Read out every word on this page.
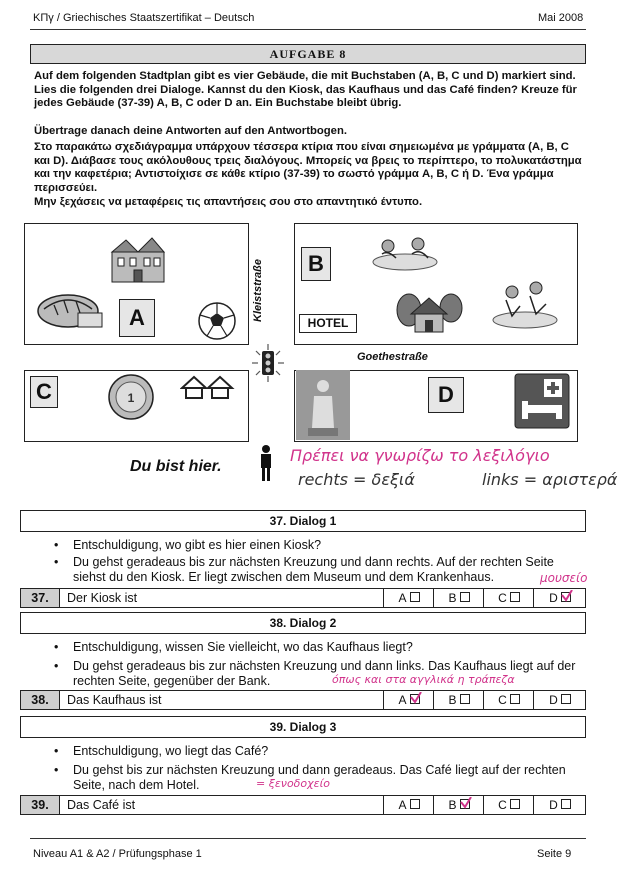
ΚΠγ / Griechisches Staatszertifikat – Deutsch	Mai 2008
AUFGABE 8
Auf dem folgenden Stadtplan gibt es vier Gebäude, die mit Buchstaben (A, B, C und D) markiert sind. Lies die folgenden drei Dialoge. Kannst du den Kiosk, das Kaufhaus und das Café finden? Kreuze für jedes Gebäude (37-39) A, B, C oder D an. Ein Buchstabe bleibt übrig.
Übertrage danach deine Antworten auf den Antwortbogen.
Στο παρακάτω σχεδιάγραμμα υπάρχουν τέσσερα κτίρια που είναι σημειωμένα με γράμματα (A, B, C και D). Διάβασε τους ακόλουθους τρεις διαλόγους. Μπορείς να βρεις το περίπτερο, το πολυκατάστημα και την καφετέρια; Αντιστοίχισε σε κάθε κτίριο (37-39) το σωστό γράμμα A, B, C ή D. Ένα γράμμα περισσεύει.
Μην ξεχάσεις να μεταφέρεις τις απαντήσεις σου στο απαντητικό έντυπο.
A	Kleiststraße	B
HOTEL
Goethestraße
C	1	D
Du bist hier.
Πρέπει να γνωρίζω το λεξιλόγιο
rechts = δεξιά	links = αριστερά
37. Dialog 1
• Entschuldigung, wo gibt es hier einen Kiosk?
• Du gehst geradeaus bis zur nächsten Kreuzung und dann rechts. Auf der rechten Seite siehst du den Kiosk. Er liegt zwischen dem Museum und dem Krankenhaus.	μουσείο
37.	Der Kiosk ist	A	B	C	D
38. Dialog 2
• Entschuldigung, wissen Sie vielleicht, wo das Kaufhaus liegt?
• Du gehst geradeaus bis zur nächsten Kreuzung und dann links. Das Kaufhaus liegt auf der rechten Seite, gegenüber der Bank.	όπως και στα αγγλικά η τράπεζα
38.	Das Kaufhaus ist	A	B	C	D
39. Dialog 3
• Entschuldigung, wo liegt das Café?
• Du gehst bis zur nächsten Kreuzung und dann geradeaus. Das Café liegt auf der rechten Seite, nach dem Hotel.	= ξενοδοχείο
39.	Das Café ist	A	B	C	D
Niveau A1 & A2 / Prüfungsphase 1	Seite 9
